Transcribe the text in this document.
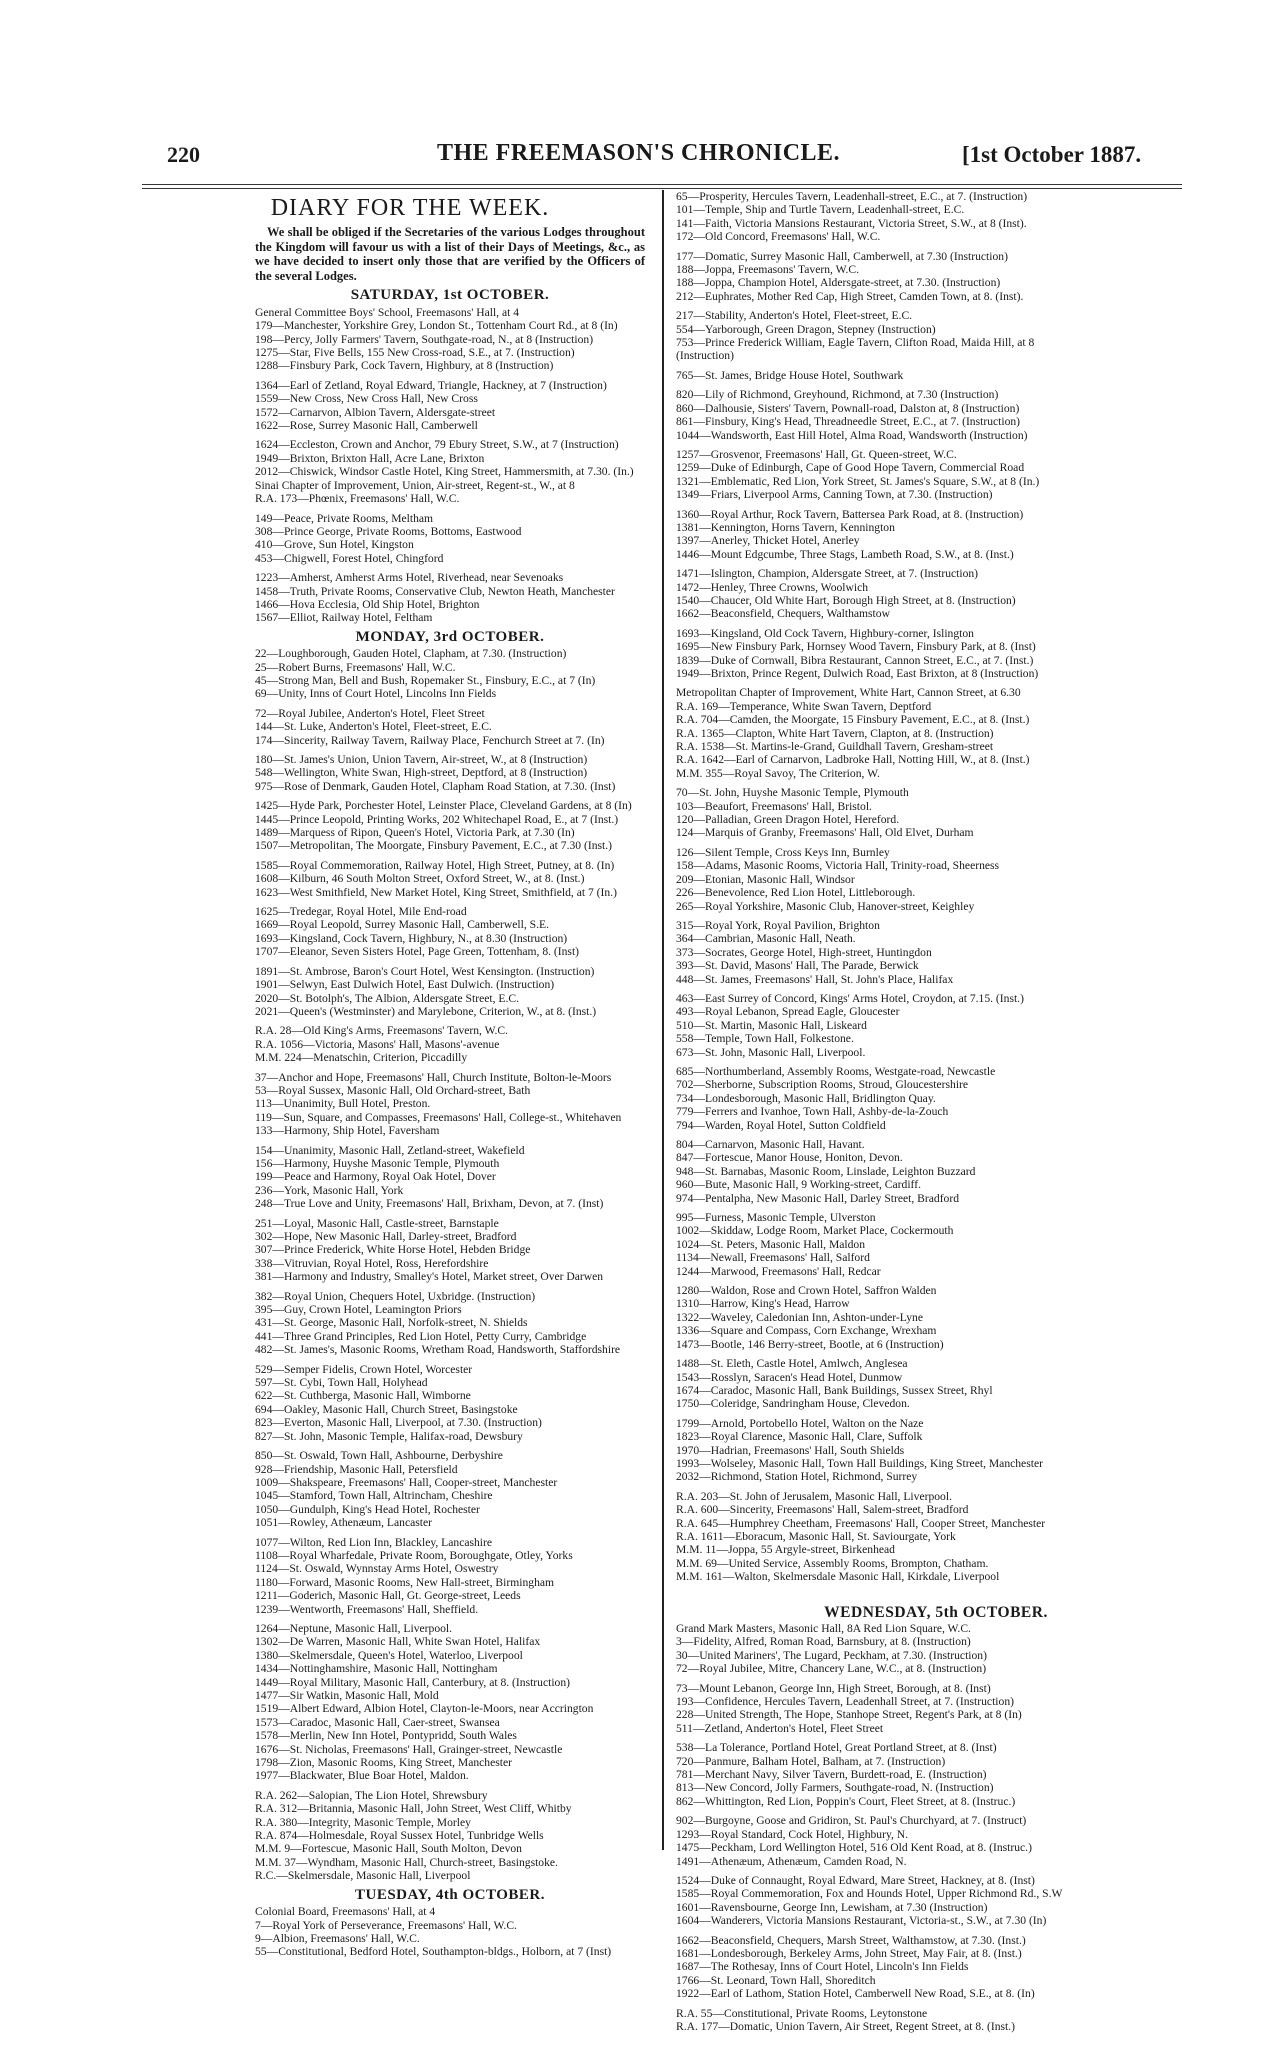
220	THE FREEMASON'S CHRONICLE.	[1st October 1887.
DIARY FOR THE WEEK.
We shall be obliged if the Secretaries of the various Lodges throughout the Kingdom will favour us with a list of their Days of Meetings, &c., as we have decided to insert only those that are verified by the Officers of the several Lodges.
SATURDAY, 1st OCTOBER.
General Committee Boys' School, Freemasons' Hall, at 4
179—Manchester, Yorkshire Grey, London St., Tottenham Court Rd., at 8 (In)
198—Percy, Jolly Farmers' Tavern, Southgate-road, N., at 8 (Instruction)
1275—Star, Five Bells, 155 New Cross-road, S.E., at 7. (Instruction)
1288—Finsbury Park, Cock Tavern, Highbury, at 8 (Instruction)
1364—Earl of Zetland, Royal Edward, Triangle, Hackney, at 7 (Instruction)
1559—New Cross, New Cross Hall, New Cross
1572—Carnarvon, Albion Tavern, Aldersgate-street
1622—Rose, Surrey Masonic Hall, Camberwell
1624—Eccleston, Crown and Anchor, 79 Ebury Street, S.W., at 7 (Instruction)
1949—Brixton, Brixton Hall, Acre Lane, Brixton
2012—Chiswick, Windsor Castle Hotel, King Street, Hammersmith, at 7.30. (In.)
Sinai Chapter of Improvement, Union, Air-street, Regent-st., W., at 8
R.A. 173—Phœnix, Freemasons' Hall, W.C.
149—Peace, Private Rooms, Meltham
308—Prince George, Private Rooms, Bottoms, Eastwood
410—Grove, Sun Hotel, Kingston
453—Chigwell, Forest Hotel, Chingford
1223—Amherst, Amherst Arms Hotel, Riverhead, near Sevenoaks
1458—Truth, Private Rooms, Conservative Club, Newton Heath, Manchester
1466—Hova Ecclesia, Old Ship Hotel, Brighton
1567—Elliot, Railway Hotel, Feltham
MONDAY, 3rd OCTOBER.
22—Loughborough, Gauden Hotel, Clapham, at 7.30. (Instruction)
25—Robert Burns, Freemasons' Hall, W.C.
45—Strong Man, Bell and Bush, Ropemaker St., Finsbury, E.C., at 7 (In)
69—Unity, Inns of Court Hotel, Lincolns Inn Fields
72—Royal Jubilee, Anderton's Hotel, Fleet Street
144—St. Luke, Anderton's Hotel, Fleet-street, E.C.
174—Sincerity, Railway Tavern, Railway Place, Fenchurch Street at 7. (In)
180—St. James's Union, Union Tavern, Air-street, W., at 8 (Instruction)
548—Wellington, White Swan, High-street, Deptford, at 8 (Instruction)
975—Rose of Denmark, Gauden Hotel, Clapham Road Station, at 7.30. (Inst)
1425—Hyde Park, Porchester Hotel, Leinster Place, Cleveland Gardens, at 8 (In)
1445—Prince Leopold, Printing Works, 202 Whitechapel Road, E., at 7 (Inst.)
1489—Marquess of Ripon, Queen's Hotel, Victoria Park, at 7.30 (In)
1507—Metropolitan, The Moorgate, Finsbury Pavement, E.C., at 7.30 (Inst.)
1585—Royal Commemoration, Railway Hotel, High Street, Putney, at 8. (In)
1608—Kilburn, 46 South Molton Street, Oxford Street, W., at 8. (Inst.)
1623—West Smithfield, New Market Hotel, King Street, Smithfield, at 7 (In.)
1625—Tredegar, Royal Hotel, Mile End-road
1669—Royal Leopold, Surrey Masonic Hall, Camberwell, S.E.
1693—Kingsland, Cock Tavern, Highbury, N., at 8.30 (Instruction)
1707—Eleanor, Seven Sisters Hotel, Page Green, Tottenham, 8. (Inst)
1891—St. Ambrose, Baron's Court Hotel, West Kensington. (Instruction)
1901—Selwyn, East Dulwich Hotel, East Dulwich. (Instruction)
2020—St. Botolph's, The Albion, Aldersgate Street, E.C.
2021—Queen's (Westminster) and Marylebone, Criterion, W., at 8. (Inst.)
R.A. 28—Old King's Arms, Freemasons' Tavern, W.C.
R.A. 1056—Victoria, Masons' Hall, Masons'-avenue
M.M. 224—Menatschin, Criterion, Piccadilly
37—Anchor and Hope, Freemasons' Hall, Church Institute, Bolton-le-Moors
53—Royal Sussex, Masonic Hall, Old Orchard-street, Bath
113—Unanimity, Bull Hotel, Preston.
119—Sun, Square, and Compasses, Freemasons' Hall, College-st., Whitehaven
133—Harmony, Ship Hotel, Faversham
154—Unanimity, Masonic Hall, Zetland-street, Wakefield
156—Harmony, Huyshe Masonic Temple, Plymouth
199—Peace and Harmony, Royal Oak Hotel, Dover
236—York, Masonic Hall, York
248—True Love and Unity, Freemasons' Hall, Brixham, Devon, at 7. (Inst)
251—Loyal, Masonic Hall, Castle-street, Barnstaple
302—Hope, New Masonic Hall, Darley-street, Bradford
307—Prince Frederick, White Horse Hotel, Hebden Bridge
338—Vitruvian, Royal Hotel, Ross, Herefordshire
381—Harmony and Industry, Smalley's Hotel, Market street, Over Darwen
382—Royal Union, Chequers Hotel, Uxbridge. (Instruction)
395—Guy, Crown Hotel, Leamington Priors
431—St. George, Masonic Hall, Norfolk-street, N. Shields
441—Three Grand Principles, Red Lion Hotel, Petty Curry, Cambridge
482—St. James's, Masonic Rooms, Wretham Road, Handsworth, Staffordshire
529—Semper Fidelis, Crown Hotel, Worcester
597—St. Cybi, Town Hall, Holyhead
622—St. Cuthberga, Masonic Hall, Wimborne
694—Oakley, Masonic Hall, Church Street, Basingstoke
823—Everton, Masonic Hall, Liverpool, at 7.30. (Instruction)
827—St. John, Masonic Temple, Halifax-road, Dewsbury
850—St. Oswald, Town Hall, Ashbourne, Derbyshire
928—Friendship, Masonic Hall, Petersfield
1009—Shakspeare, Freemasons' Hall, Cooper-street, Manchester
1045—Stamford, Town Hall, Altrincham, Cheshire
1050—Gundulph, King's Head Hotel, Rochester
1051—Rowley, Athenæum, Lancaster
1077—Wilton, Red Lion Inn, Blackley, Lancashire
1108—Royal Wharfedale, Private Room, Boroughgate, Otley, Yorks
1124—St. Oswald, Wynnstay Arms Hotel, Oswestry
1180—Forward, Masonic Rooms, New Hall-street, Birmingham
1211—Goderich, Masonic Hall, Gt. George-street, Leeds
1239—Wentworth, Freemasons' Hall, Sheffield.
1264—Neptune, Masonic Hall, Liverpool.
1302—De Warren, Masonic Hall, White Swan Hotel, Halifax
1380—Skelmersdale, Queen's Hotel, Waterloo, Liverpool
1434—Nottinghamshire, Masonic Hall, Nottingham
1449—Royal Military, Masonic Hall, Canterbury, at 8. (Instruction)
1477—Sir Watkin, Masonic Hall, Mold
1519—Albert Edward, Albion Hotel, Clayton-le-Moors, near Accrington
1573—Caradoc, Masonic Hall, Caer-street, Swansea
1578—Merlin, New Inn Hotel, Pontypridd, South Wales
1676—St. Nicholas, Freemasons' Hall, Grainger-street, Newcastle
1798—Zion, Masonic Rooms, King Street, Manchester
1977—Blackwater, Blue Boar Hotel, Maldon.
R.A. 262—Salopian, The Lion Hotel, Shrewsbury
R.A. 312—Britannia, Masonic Hall, John Street, West Cliff, Whitby
R.A. 380—Integrity, Masonic Temple, Morley
R.A. 874—Holmesdale, Royal Sussex Hotel, Tunbridge Wells
M.M. 9—Fortescue, Masonic Hall, South Molton, Devon
M.M. 37—Wyndham, Masonic Hall, Church-street, Basingstoke.
R.C.—Skelmersdale, Masonic Hall, Liverpool
TUESDAY, 4th OCTOBER.
Colonial Board, Freemasons' Hall, at 4
7—Royal York of Perseverance, Freemasons' Hall, W.C.
9—Albion, Freemasons' Hall, W.C.
55—Constitutional, Bedford Hotel, Southampton-bldgs., Holborn, at 7 (Inst)
65—Prosperity, Hercules Tavern, Leadenhall-street, E.C., at 7. (Instruction)
101—Temple, Ship and Turtle Tavern, Leadenhall-street, E.C.
141—Faith, Victoria Mansions Restaurant, Victoria Street, S.W., at 8 (Inst).
172—Old Concord, Freemasons' Hall, W.C.
177—Domatic, Surrey Masonic Hall, Camberwell, at 7.30 (Instruction)
188—Joppa, Freemasons' Tavern, W.C.
188—Joppa, Champion Hotel, Aldersgate-street, at 7.30. (Instruction)
212—Euphrates, Mother Red Cap, High Street, Camden Town, at 8. (Inst).
217—Stability, Anderton's Hotel, Fleet-street, E.C.
554—Yarborough, Green Dragon, Stepney (Instruction)
753—Prince Frederick William, Eagle Tavern, Clifton Road, Maida Hill, at 8
(Instruction)
765—St. James, Bridge House Hotel, Southwark
820—Lily of Richmond, Greyhound, Richmond, at 7.30 (Instruction)
860—Dalhousie, Sisters' Tavern, Pownall-road, Dalston at, 8 (Instruction)
861—Finsbury, King's Head, Threadneedle Street, E.C., at 7. (Instruction)
1044—Wandsworth, East Hill Hotel, Alma Road, Wandsworth (Instruction)
1257—Grosvenor, Freemasons' Hall, Gt. Queen-street, W.C.
1259—Duke of Edinburgh, Cape of Good Hope Tavern, Commercial Road
1321—Emblematic, Red Lion, York Street, St. James's Square, S.W., at 8 (In.)
1349—Friars, Liverpool Arms, Canning Town, at 7.30. (Instruction)
1360—Royal Arthur, Rock Tavern, Battersea Park Road, at 8. (Instruction)
1381—Kennington, Horns Tavern, Kennington
1397—Anerley, Thicket Hotel, Anerley
1446—Mount Edgcumbe, Three Stags, Lambeth Road, S.W., at 8. (Inst.)
1471—Islington, Champion, Aldersgate Street, at 7. (Instruction)
1472—Henley, Three Crowns, Woolwich
1540—Chaucer, Old White Hart, Borough High Street, at 8. (Instruction)
1662—Beaconsfield, Chequers, Walthamstow
1693—Kingsland, Old Cock Tavern, Highbury-corner, Islington
1695—New Finsbury Park, Hornsey Wood Tavern, Finsbury Park, at 8. (Inst)
1839—Duke of Cornwall, Bibra Restaurant, Cannon Street, E.C., at 7. (Inst.)
1949—Brixton, Prince Regent, Dulwich Road, East Brixton, at 8 (Instruction)
Metropolitan Chapter of Improvement, White Hart, Cannon Street, at 6.30
R.A. 169—Temperance, White Swan Tavern, Deptford
R.A. 704—Camden, the Moorgate, 15 Finsbury Pavement, E.C., at 8. (Inst.)
R.A. 1365—Clapton, White Hart Tavern, Clapton, at 8. (Instruction)
R.A. 1538—St. Martins-le-Grand, Guildhall Tavern, Gresham-street
R.A. 1642—Earl of Carnarvon, Ladbroke Hall, Notting Hill, W., at 8. (Inst.)
M.M. 355—Royal Savoy, The Criterion, W.
70—St. John, Huyshe Masonic Temple, Plymouth
103—Beaufort, Freemasons' Hall, Bristol.
120—Palladian, Green Dragon Hotel, Hereford.
124—Marquis of Granby, Freemasons' Hall, Old Elvet, Durham
126—Silent Temple, Cross Keys Inn, Burnley
158—Adams, Masonic Rooms, Victoria Hall, Trinity-road, Sheerness
209—Etonian, Masonic Hall, Windsor
226—Benevolence, Red Lion Hotel, Littleborough.
265—Royal Yorkshire, Masonic Club, Hanover-street, Keighley
315—Royal York, Royal Pavilion, Brighton
364—Cambrian, Masonic Hall, Neath.
373—Socrates, George Hotel, High-street, Huntingdon
393—St. David, Masons' Hall, The Parade, Berwick
448—St. James, Freemasons' Hall, St. John's Place, Halifax
463—East Surrey of Concord, Kings' Arms Hotel, Croydon, at 7.15. (Inst.)
493—Royal Lebanon, Spread Eagle, Gloucester
510—St. Martin, Masonic Hall, Liskeard
558—Temple, Town Hall, Folkestone.
673—St. John, Masonic Hall, Liverpool.
685—Northumberland, Assembly Rooms, Westgate-road, Newcastle
702—Sherborne, Subscription Rooms, Stroud, Gloucestershire
734—Londesborough, Masonic Hall, Bridlington Quay.
779—Ferrers and Ivanhoe, Town Hall, Ashby-de-la-Zouch
794—Warden, Royal Hotel, Sutton Coldfield
804—Carnarvon, Masonic Hall, Havant.
847—Fortescue, Manor House, Honiton, Devon.
948—St. Barnabas, Masonic Room, Linslade, Leighton Buzzard
960—Bute, Masonic Hall, 9 Working-street, Cardiff.
974—Pentalpha, New Masonic Hall, Darley Street, Bradford
995—Furness, Masonic Temple, Ulverston
1002—Skiddaw, Lodge Room, Market Place, Cockermouth
1024—St. Peters, Masonic Hall, Maldon
1134—Newall, Freemasons' Hall, Salford
1244—Marwood, Freemasons' Hall, Redcar
1280—Waldon, Rose and Crown Hotel, Saffron Walden
1310—Harrow, King's Head, Harrow
1322—Waveley, Caledonian Inn, Ashton-under-Lyne
1336—Square and Compass, Corn Exchange, Wrexham
1473—Bootle, 146 Berry-street, Bootle, at 6 (Instruction)
1488—St. Eleth, Castle Hotel, Amlwch, Anglesea
1543—Rosslyn, Saracen's Head Hotel, Dunmow
1674—Caradoc, Masonic Hall, Bank Buildings, Sussex Street, Rhyl
1750—Coleridge, Sandringham House, Clevedon.
1799—Arnold, Portobello Hotel, Walton on the Naze
1823—Royal Clarence, Masonic Hall, Clare, Suffolk
1970—Hadrian, Freemasons' Hall, South Shields
1993—Wolseley, Masonic Hall, Town Hall Buildings, King Street, Manchester
2032—Richmond, Station Hotel, Richmond, Surrey
R.A. 203—St. John of Jerusalem, Masonic Hall, Liverpool.
R.A. 600—Sincerity, Freemasons' Hall, Salem-street, Bradford
R.A. 645—Humphrey Cheetham, Freemasons' Hall, Cooper Street, Manchester
R.A. 1611—Eboracum, Masonic Hall, St. Saviourgate, York
M.M. 11—Joppa, 55 Argyle-street, Birkenhead
M.M. 69—United Service, Assembly Rooms, Brompton, Chatham.
M.M. 161—Walton, Skelmersdale Masonic Hall, Kirkdale, Liverpool
WEDNESDAY, 5th OCTOBER.
Grand Mark Masters, Masonic Hall, 8A Red Lion Square, W.C.
3—Fidelity, Alfred, Roman Road, Barnsbury, at 8. (Instruction)
30—United Mariners', The Lugard, Peckham, at 7.30. (Instruction)
72—Royal Jubilee, Mitre, Chancery Lane, W.C., at 8. (Instruction)
73—Mount Lebanon, George Inn, High Street, Borough, at 8. (Inst)
193—Confidence, Hercules Tavern, Leadenhall Street, at 7. (Instruction)
228—United Strength, The Hope, Stanhope Street, Regent's Park, at 8 (In)
511—Zetland, Anderton's Hotel, Fleet Street
538—La Tolerance, Portland Hotel, Great Portland Street, at 8. (Inst)
720—Panmure, Balham Hotel, Balham, at 7. (Instruction)
781—Merchant Navy, Silver Tavern, Burdett-road, E. (Instruction)
813—New Concord, Jolly Farmers, Southgate-road, N. (Instruction)
862—Whittington, Red Lion, Poppin's Court, Fleet Street, at 8. (Instruc.)
902—Burgoyne, Goose and Gridiron, St. Paul's Churchyard, at 7. (Instruct)
1293—Royal Standard, Cock Hotel, Highbury, N.
1475—Peckham, Lord Wellington Hotel, 516 Old Kent Road, at 8. (Instruc.)
1491—Athenæum, Athenæum, Camden Road, N.
1524—Duke of Connaught, Royal Edward, Mare Street, Hackney, at 8. (Inst)
1585—Royal Commemoration, Fox and Hounds Hotel, Upper Richmond Rd., S.W
1601—Ravensbourne, George Inn, Lewisham, at 7.30 (Instruction)
1604—Wanderers, Victoria Mansions Restaurant, Victoria-st., S.W., at 7.30 (In)
1662—Beaconsfield, Chequers, Marsh Street, Walthamstow, at 7.30. (Inst.)
1681—Londesborough, Berkeley Arms, John Street, May Fair, at 8. (Inst.)
1687—The Rothesay, Inns of Court Hotel, Lincoln's Inn Fields
1766—St. Leonard, Town Hall, Shoreditch
1922—Earl of Lathom, Station Hotel, Camberwell New Road, S.E., at 8. (In)
R.A. 55—Constitutional, Private Rooms, Leytonstone
R.A. 177—Domatic, Union Tavern, Air Street, Regent Street, at 8. (Inst.)
